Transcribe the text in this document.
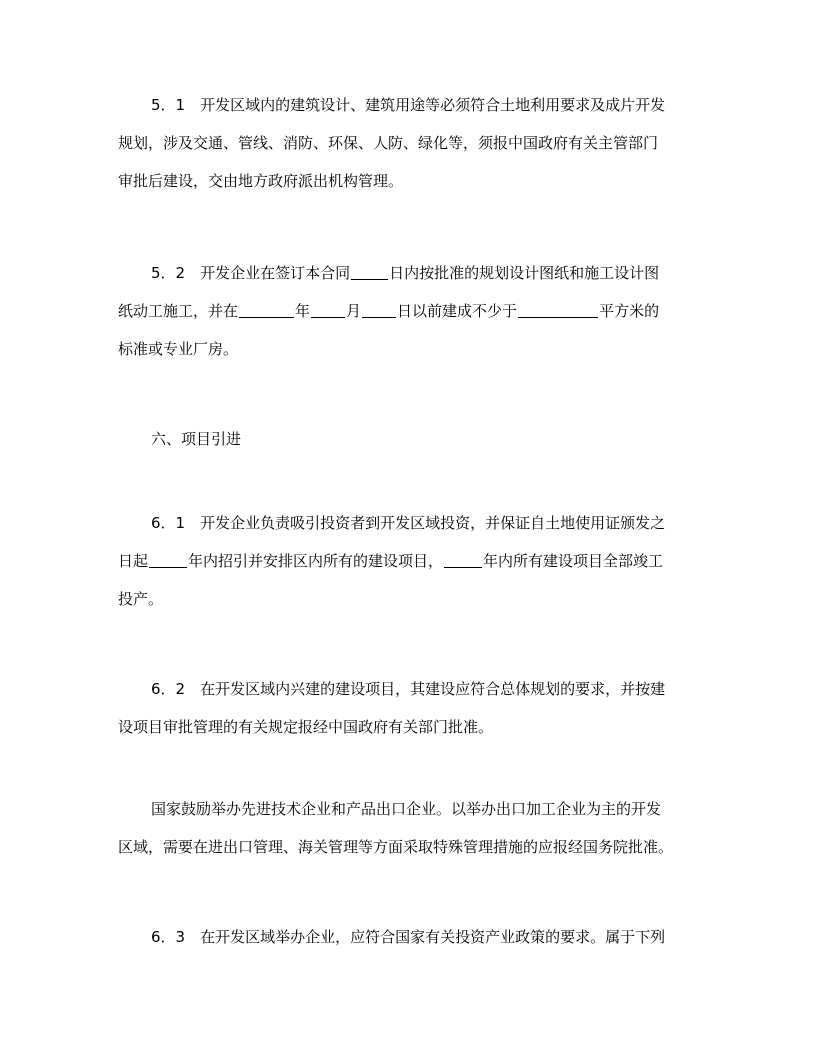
5．1　开发区域内的建筑设计、建筑用途等必须符合土地利用要求及成片开发
规划，涉及交通、管线、消防、环保、人防、绿化等，须报中国政府有关主管部门
审批后建设，交由地方政府派出机构管理。
5．2　开发企业在签订本合同	日内按批准的规划设计图纸和施工设计图
纸动工施工，并在	年 月 日以前建成不少于	平方米的
标准或专业厂房。
六、项目引进
6．1　开发企业负责吸引投资者到开发区域投资，并保证自土地使用证颁发之
日起	年内招引并安排区内所有的建设项目，	年内所有建设项目全部竣工
投产。
6．2　在开发区域内兴建的建设项目，其建设应符合总体规划的要求，并按建
设项目审批管理的有关规定报经中国政府有关部门批准。
国家鼓励举办先进技术企业和产品出口企业。以举办出口加工企业为主的开发
区域，需要在进出口管理、海关管理等方面采取特殊管理措施的应报经国务院批准。
6．3　在开发区域举办企业，应符合国家有关投资产业政策的要求。属于下列
